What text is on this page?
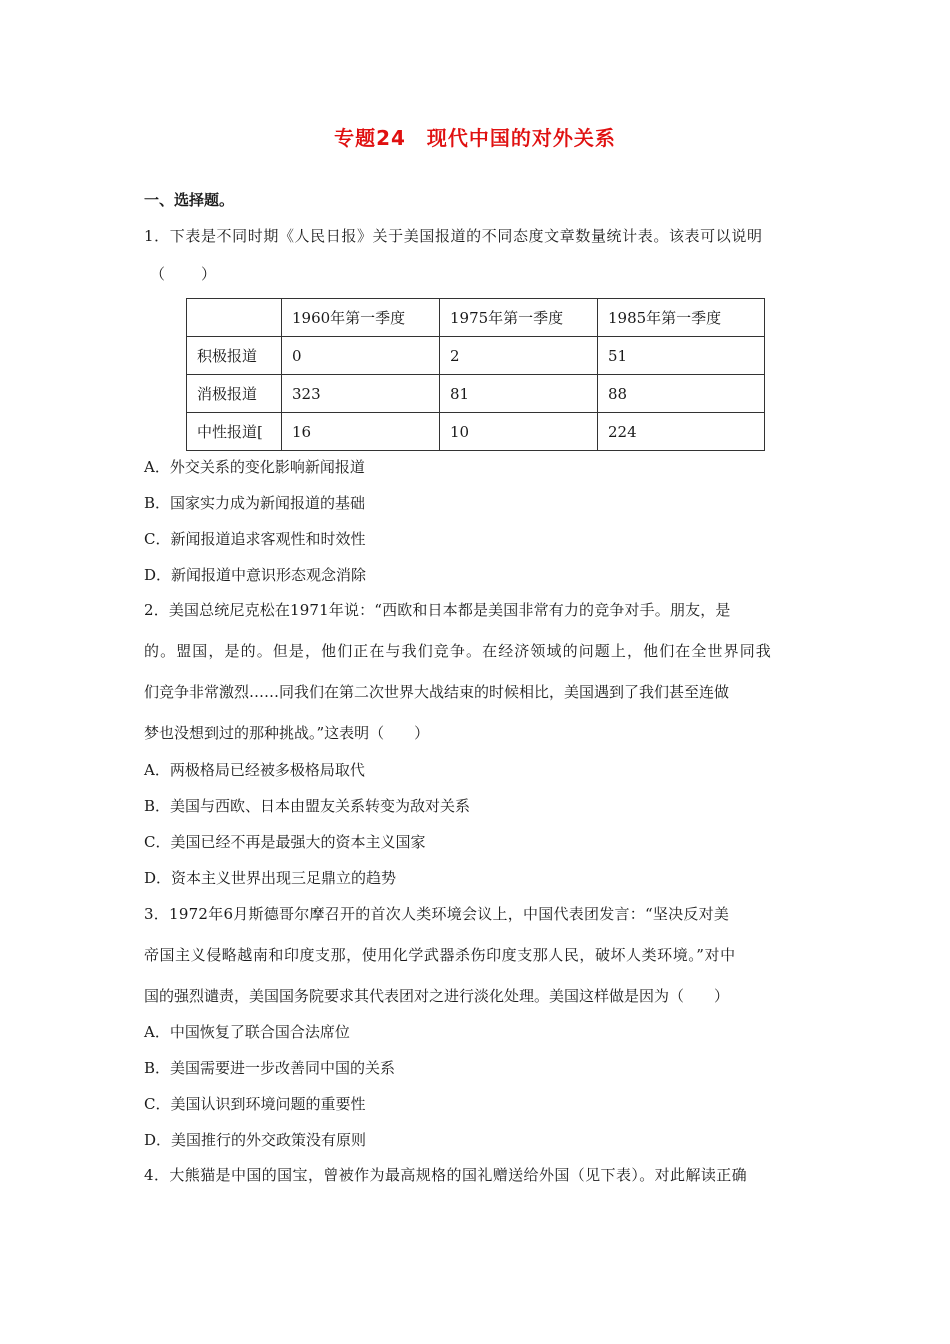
专题24　现代中国的对外关系
一、选择题。
1．下表是不同时期《人民日报》关于美国报道的不同态度文章数量统计表。该表可以说明
（　　）
	1960年第一季度	1975年第一季度	1985年第一季度
积极报道	0	2	51
消极报道	323	81	88
中性报道[	16	10	224
A．外交关系的变化影响新闻报道
B．国家实力成为新闻报道的基础
C．新闻报道追求客观性和时效性
D．新闻报道中意识形态观念消除
2．美国总统尼克松在1971年说：“西欧和日本都是美国非常有力的竞争对手。朋友，是
的。盟国，是的。但是，他们正在与我们竞争。在经济领域的问题上，他们在全世界同我
们竞争非常激烈……同我们在第二次世界大战结束的时候相比，美国遇到了我们甚至连做
梦也没想到过的那种挑战。”这表明（　　）
A．两极格局已经被多极格局取代
B．美国与西欧、日本由盟友关系转变为敌对关系
C．美国已经不再是最强大的资本主义国家
D．资本主义世界出现三足鼎立的趋势
3．1972年6月斯德哥尔摩召开的首次人类环境会议上，中国代表团发言：“坚决反对美
帝国主义侵略越南和印度支那，使用化学武器杀伤印度支那人民，破坏人类环境。”对中
国的强烈谴责，美国国务院要求其代表团对之进行淡化处理。美国这样做是因为（　　）
A．中国恢复了联合国合法席位
B．美国需要进一步改善同中国的关系
C．美国认识到环境问题的重要性
D．美国推行的外交政策没有原则
4．大熊猫是中国的国宝，曾被作为最高规格的国礼赠送给外国（见下表）。对此解读正确
